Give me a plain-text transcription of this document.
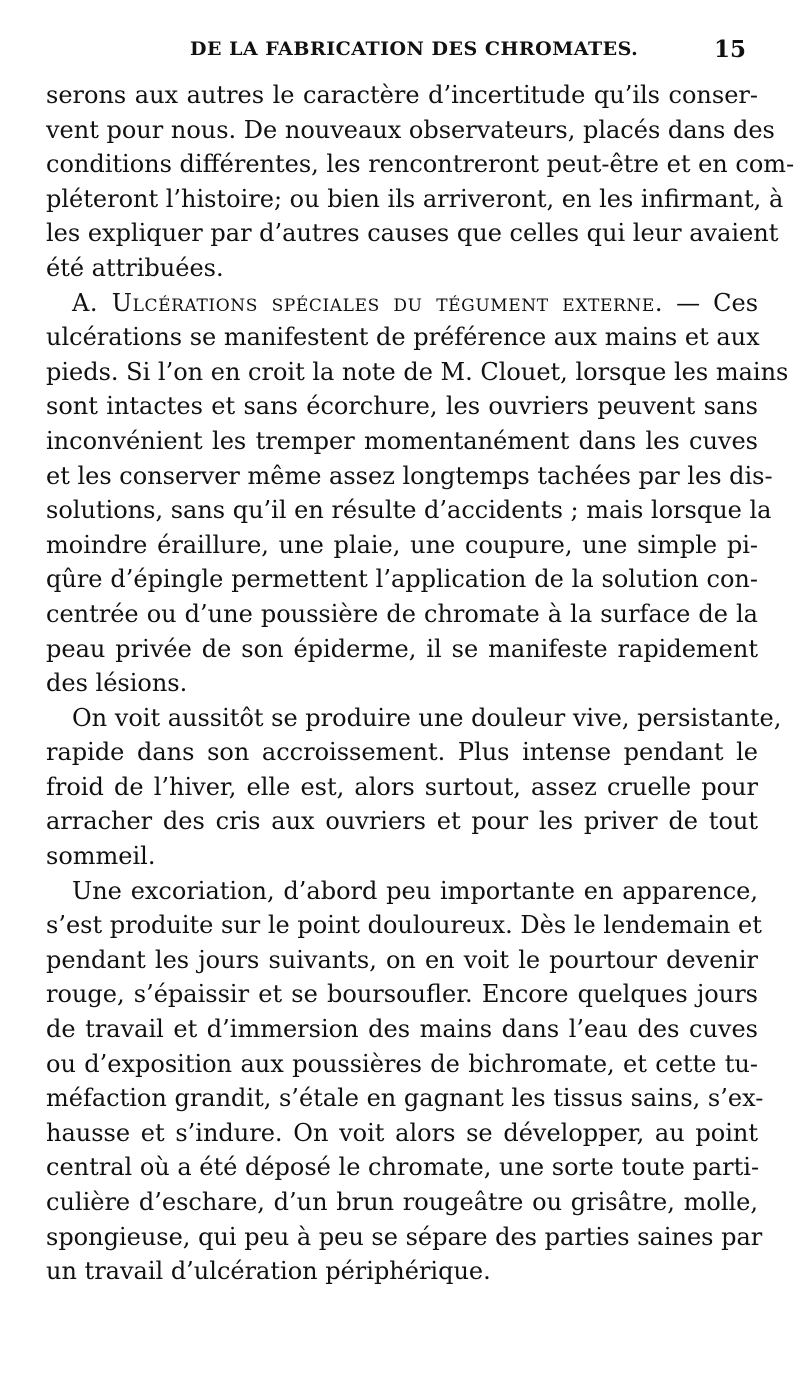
DE LA FABRICATION DES CHROMATES.	15
serons aux autres le caractère d’incertitude qu’ils conser-
vent pour nous. De nouveaux observateurs, placés dans des
conditions différentes, les rencontreront peut-être et en com-
pléteront l’histoire; ou bien ils arriveront, en les infirmant, à
les expliquer par d’autres causes que celles qui leur avaient
été attribuées.
A. Ulcérations spéciales du tégument externe. — Ces
ulcérations se manifestent de préférence aux mains et aux
pieds. Si l’on en croit la note de M. Clouet, lorsque les mains
sont intactes et sans écorchure, les ouvriers peuvent sans
inconvénient les tremper momentanément dans les cuves
et les conserver même assez longtemps tachées par les dis-
solutions, sans qu’il en résulte d’accidents ; mais lorsque la
moindre éraillure, une plaie, une coupure, une simple pi-
qûre d’épingle permettent l’application de la solution con-
centrée ou d’une poussière de chromate à la surface de la
peau privée de son épiderme, il se manifeste rapidement
des lésions.
On voit aussitôt se produire une douleur vive, persistante,
rapide dans son accroissement. Plus intense pendant le
froid de l’hiver, elle est, alors surtout, assez cruelle pour
arracher des cris aux ouvriers et pour les priver de tout
sommeil.
Une excoriation, d’abord peu importante en apparence,
s’est produite sur le point douloureux. Dès le lendemain et
pendant les jours suivants, on en voit le pourtour devenir
rouge, s’épaissir et se boursoufler. Encore quelques jours
de travail et d’immersion des mains dans l’eau des cuves
ou d’exposition aux poussières de bichromate, et cette tu-
méfaction grandit, s’étale en gagnant les tissus sains, s’ex-
hausse et s’indure. On voit alors se développer, au point
central où a été déposé le chromate, une sorte toute parti-
culière d’eschare, d’un brun rougeâtre ou grisâtre, molle,
spongieuse, qui peu à peu se sépare des parties saines par
un travail d’ulcération périphérique.
